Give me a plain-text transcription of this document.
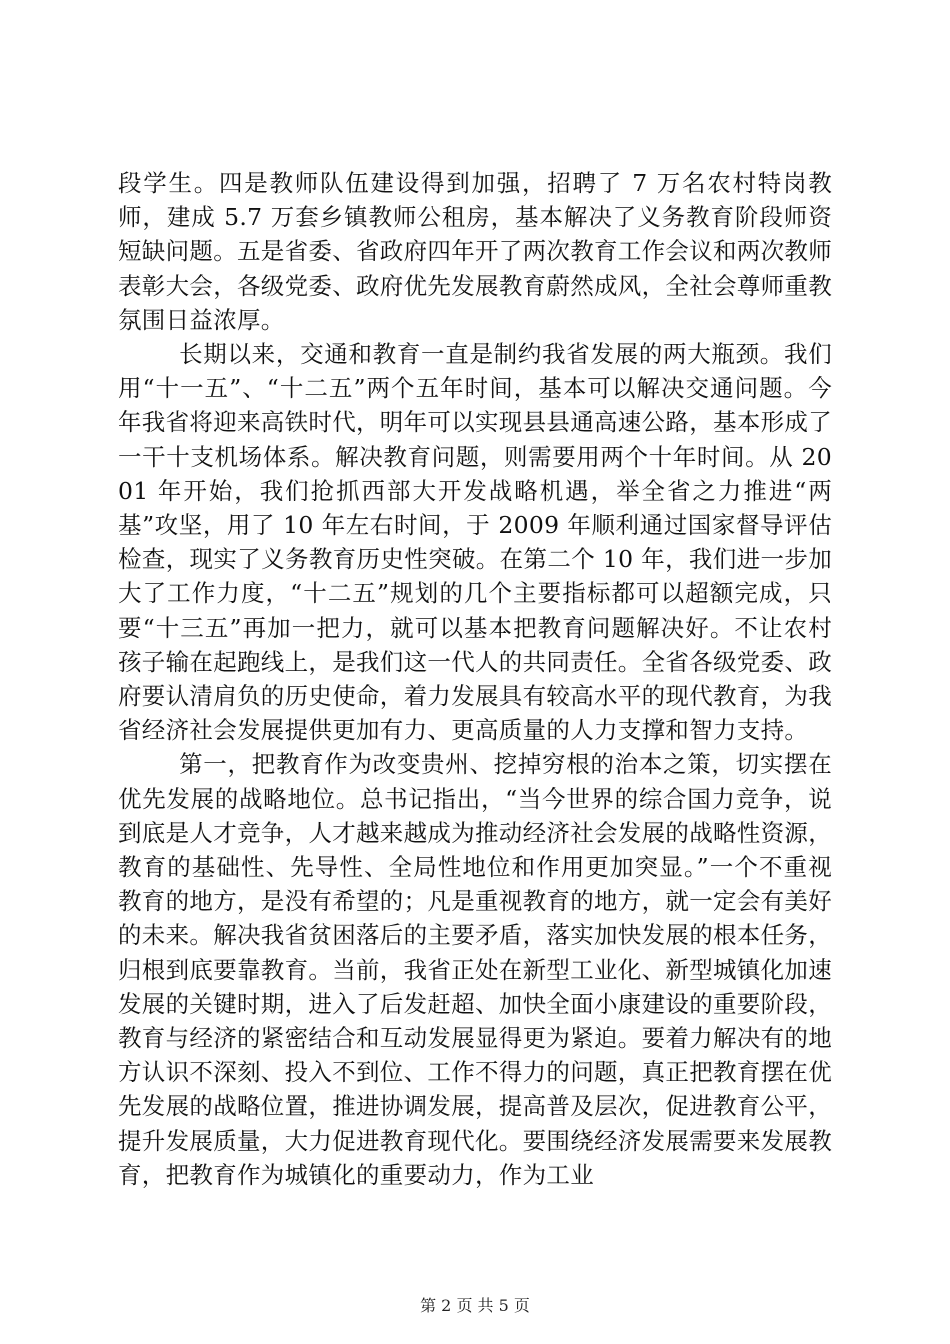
段学生。四是教师队伍建设得到加强，招聘了 7 万名农村特岗教师，建成 5.7 万套乡镇教师公租房，基本解决了义务教育阶段师资短缺问题。五是省委、省政府四年开了两次教育工作会议和两次教师表彰大会，各级党委、政府优先发展教育蔚然成风，全社会尊师重教氛围日益浓厚。

长期以来，交通和教育一直是制约我省发展的两大瓶颈。我们用“十一五”、“十二五”两个五年时间，基本可以解决交通问题。今年我省将迎来高铁时代，明年可以实现县县通高速公路，基本形成了一干十支机场体系。解决教育问题，则需要用两个十年时间。从 2001 年开始，我们抢抓西部大开发战略机遇，举全省之力推进“两基”攻坚，用了 10 年左右时间，于 2009 年顺利通过国家督导评估检查，现实了义务教育历史性突破。在第二个 10 年，我们进一步加大了工作力度，“十二五”规划的几个主要指标都可以超额完成，只要“十三五”再加一把力，就可以基本把教育问题解决好。不让农村孩子输在起跑线上，是我们这一代人的共同责任。全省各级党委、政府要认清肩负的历史使命，着力发展具有较高水平的现代教育，为我省经济社会发展提供更加有力、更高质量的人力支撑和智力支持。

第一，把教育作为改变贵州、挖掉穷根的治本之策，切实摆在优先发展的战略地位。总书记指出，“当今世界的综合国力竞争，说到底是人才竞争，人才越来越成为推动经济社会发展的战略性资源，教育的基础性、先导性、全局性地位和作用更加突显。”一个不重视教育的地方，是没有希望的；凡是重视教育的地方，就一定会有美好的未来。解决我省贫困落后的主要矛盾，落实加快发展的根本任务，归根到底要靠教育。当前，我省正处在新型工业化、新型城镇化加速发展的关键时期，进入了后发赶超、加快全面小康建设的重要阶段，教育与经济的紧密结合和互动发展显得更为紧迫。要着力解决有的地方认识不深刻、投入不到位、工作不得力的问题，真正把教育摆在优先发展的战略位置，推进协调发展，提高普及层次，促进教育公平，提升发展质量，大力促进教育现代化。要围绕经济发展需要来发展教育，把教育作为城镇化的重要动力，作为工业

第 2 页 共 5 页
